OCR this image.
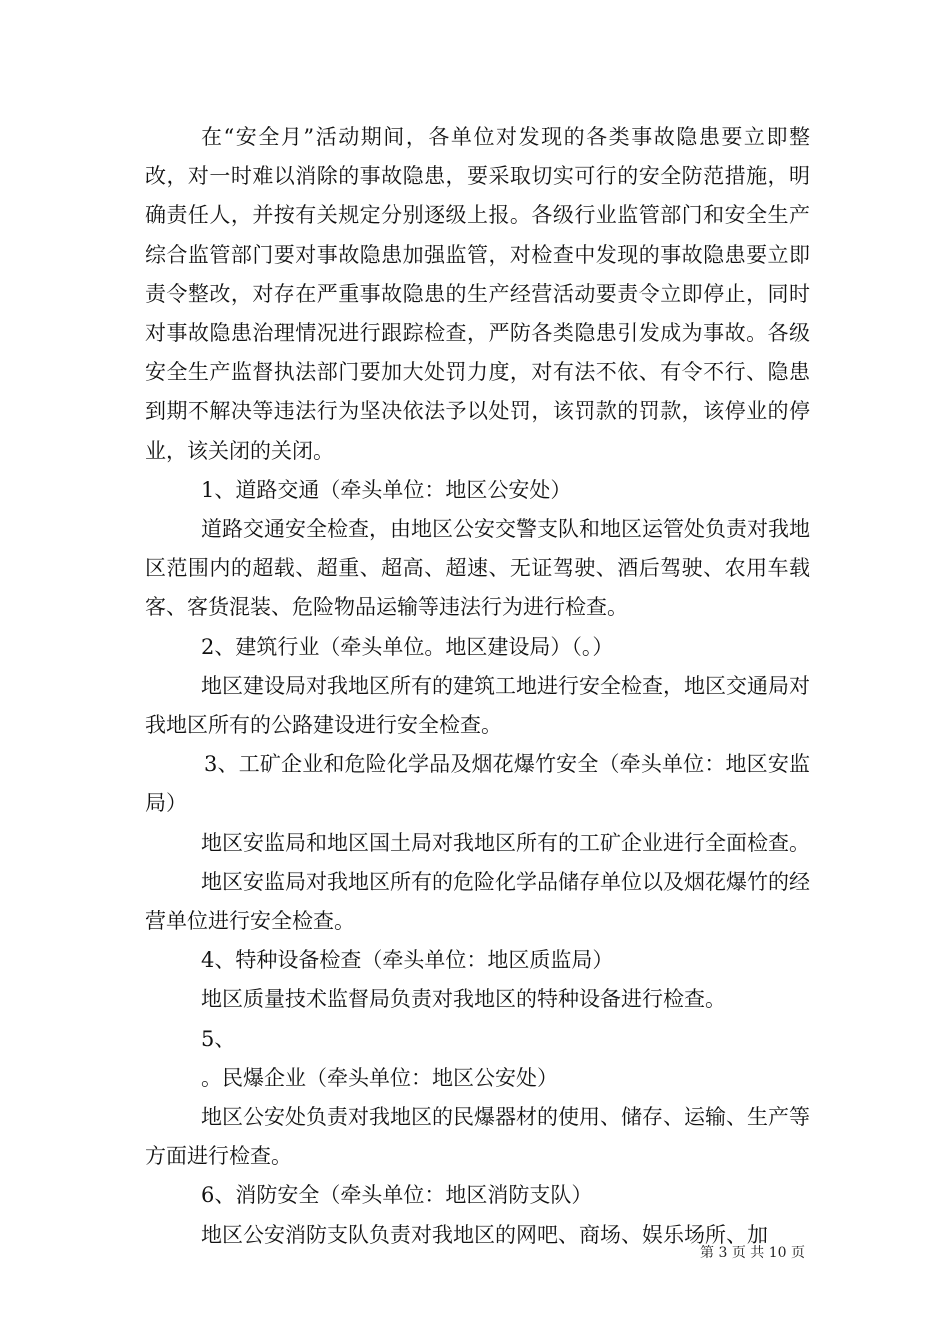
在“安全月”活动期间，各单位对发现的各类事故隐患要立即整改，对一时难以消除的事故隐患，要采取切实可行的安全防范措施，明确责任人，并按有关规定分别逐级上报。各级行业监管部门和安全生产综合监管部门要对事故隐患加强监管，对检查中发现的事故隐患要立即责令整改，对存在严重事故隐患的生产经营活动要责令立即停止，同时对事故隐患治理情况进行跟踪检查，严防各类隐患引发成为事故。各级安全生产监督执法部门要加大处罚力度，对有法不依、有令不行、隐患到期不解决等违法行为坚决依法予以处罚，该罚款的罚款，该停业的停业，该关闭的关闭。

1、道路交通（牵头单位：地区公安处）

道路交通安全检查，由地区公安交警支队和地区运管处负责对我地区范围内的超载、超重、超高、超速、无证驾驶、酒后驾驶、农用车载客、客货混装、危险物品运输等违法行为进行检查。

2、建筑行业（牵头单位。地区建设局）（。）

地区建设局对我地区所有的建筑工地进行安全检查，地区交通局对我地区所有的公路建设进行安全检查。

3、工矿企业和危险化学品及烟花爆竹安全（牵头单位：地区安监局）

地区安监局和地区国土局对我地区所有的工矿企业进行全面检查。

地区安监局对我地区所有的危险化学品储存单位以及烟花爆竹的经营单位进行安全检查。

4、特种设备检查（牵头单位：地区质监局）

地区质量技术监督局负责对我地区的特种设备进行检查。

5、

。民爆企业（牵头单位：地区公安处）

地区公安处负责对我地区的民爆器材的使用、储存、运输、生产等方面进行检查。

6、消防安全（牵头单位：地区消防支队）

地区公安消防支队负责对我地区的网吧、商场、娱乐场所、加

第 3 页 共 10 页
